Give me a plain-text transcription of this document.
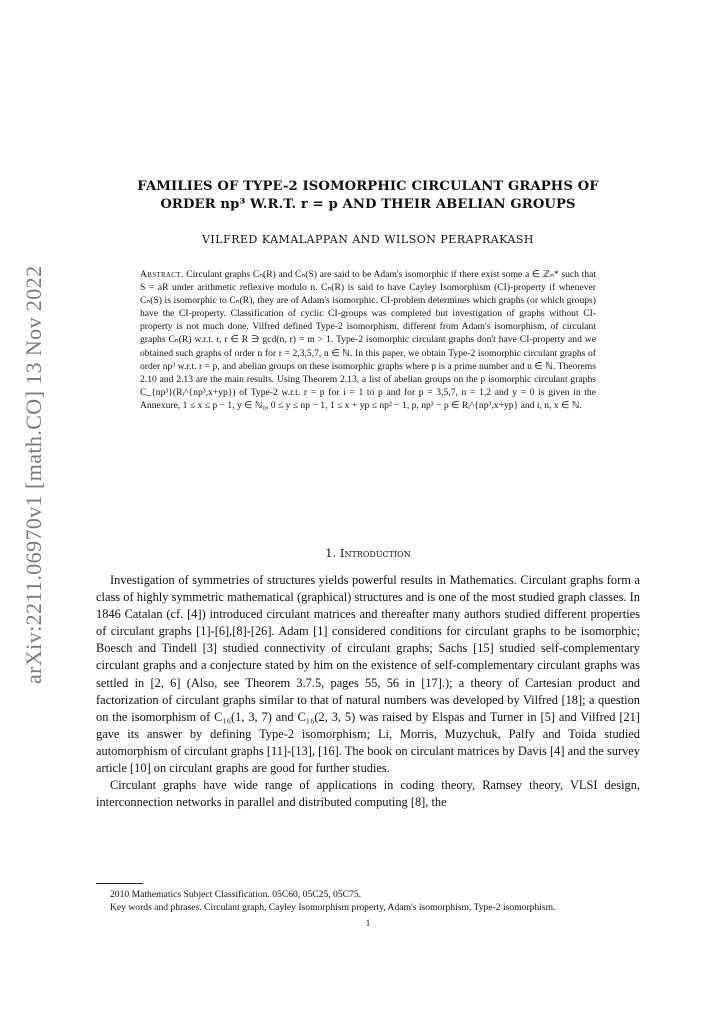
arXiv:2211.06970v1 [math.CO] 13 Nov 2022
FAMILIES OF TYPE-2 ISOMORPHIC CIRCULANT GRAPHS OF
ORDER np³ W.R.T. r = p AND THEIR ABELIAN GROUPS
VILFRED KAMALAPPAN AND WILSON PERAPRAKASH
Abstract. Circulant graphs Cₙ(R) and Cₙ(S) are said to be Adam's isomorphic if there exist some a ∈ ℤₙ* such that S = aR under arithmetic reflexive modulo n. Cₙ(R) is said to have Cayley Isomorphism (CI)-property if whenever Cₙ(S) is isomorphic to Cₙ(R), they are of Adam's isomorphic. CI-problem determines which graphs (or which groups) have the CI-property. Classification of cyclic CI-groups was completed but investigation of graphs without CI-property is not much done. Vilfred defined Type-2 isomorphism, different from Adam's isomorphism, of circulant graphs Cₙ(R) w.r.t. r, r ∈ R ∋ gcd(n, r) = m > 1. Type-2 isomorphic circulant graphs don't have CI-property and we obtained such graphs of order n for r = 2,3,5,7, n ∈ ℕ. In this paper, we obtain Type-2 isomorphic circulant graphs of order np³ w.r.t. r = p, and abelian groups on these isomorphic graphs where p is a prime number and n ∈ ℕ. Theorems 2.10 and 2.13 are the main results. Using Theorem 2.13, a list of abelian groups on the p isomorphic circulant graphs C_{np³}(Rᵢ^{np³,x+yp}) of Type-2 w.r.t. r = p for i = 1 to p and for p = 3,5,7, n = 1,2 and y = 0 is given in the Annexure, 1 ≤ x ≤ p − 1, y ∈ ℕ₀, 0 ≤ y ≤ np − 1, 1 ≤ x + yp ≤ np² − 1, p, np³ − p ∈ Rᵢ^{np³,x+yp} and i, n, x ∈ ℕ.
1. Introduction

Investigation of symmetries of structures yields powerful results in Mathematics. Circulant graphs form a class of highly symmetric mathematical (graphical) structures and is one of the most studied graph classes. In 1846 Catalan (cf. [4]) introduced circulant matrices and thereafter many authors studied different properties of circulant graphs [1]-[6],[8]-[26]. Adam [1] considered conditions for circulant graphs to be isomorphic; Boesch and Tindell [3] studied connectivity of circulant graphs; Sachs [15] studied self-complementary circulant graphs and a conjecture stated by him on the existence of self-complementary circulant graphs was settled in [2, 6] (Also, see Theorem 3.7.5, pages 55, 56 in [17].); a theory of Cartesian product and factorization of circulant graphs similar to that of natural numbers was developed by Vilfred [18]; a question on the isomorphism of C₁₆(1, 3, 7) and C₁₆(2, 3, 5) was raised by Elspas and Turner in [5] and Vilfred [21] gave its answer by defining Type-2 isomorphism; Li, Morris, Muzychuk, Palfy and Toida studied automorphism of circulant graphs [11]-[13], [16]. The book on circulant matrices by Davis [4] and the survey article [10] on circulant graphs are good for further studies.

Circulant graphs have wide range of applications in coding theory, Ramsey theory, VLSI design, interconnection networks in parallel and distributed computing [8], the

2010 Mathematics Subject Classification. 05C60, 05C25, 05C75.

Key words and phrases. Circulant graph, Cayley Isomorphism property, Adam's isomorphism, Type-2 isomorphism.

1
